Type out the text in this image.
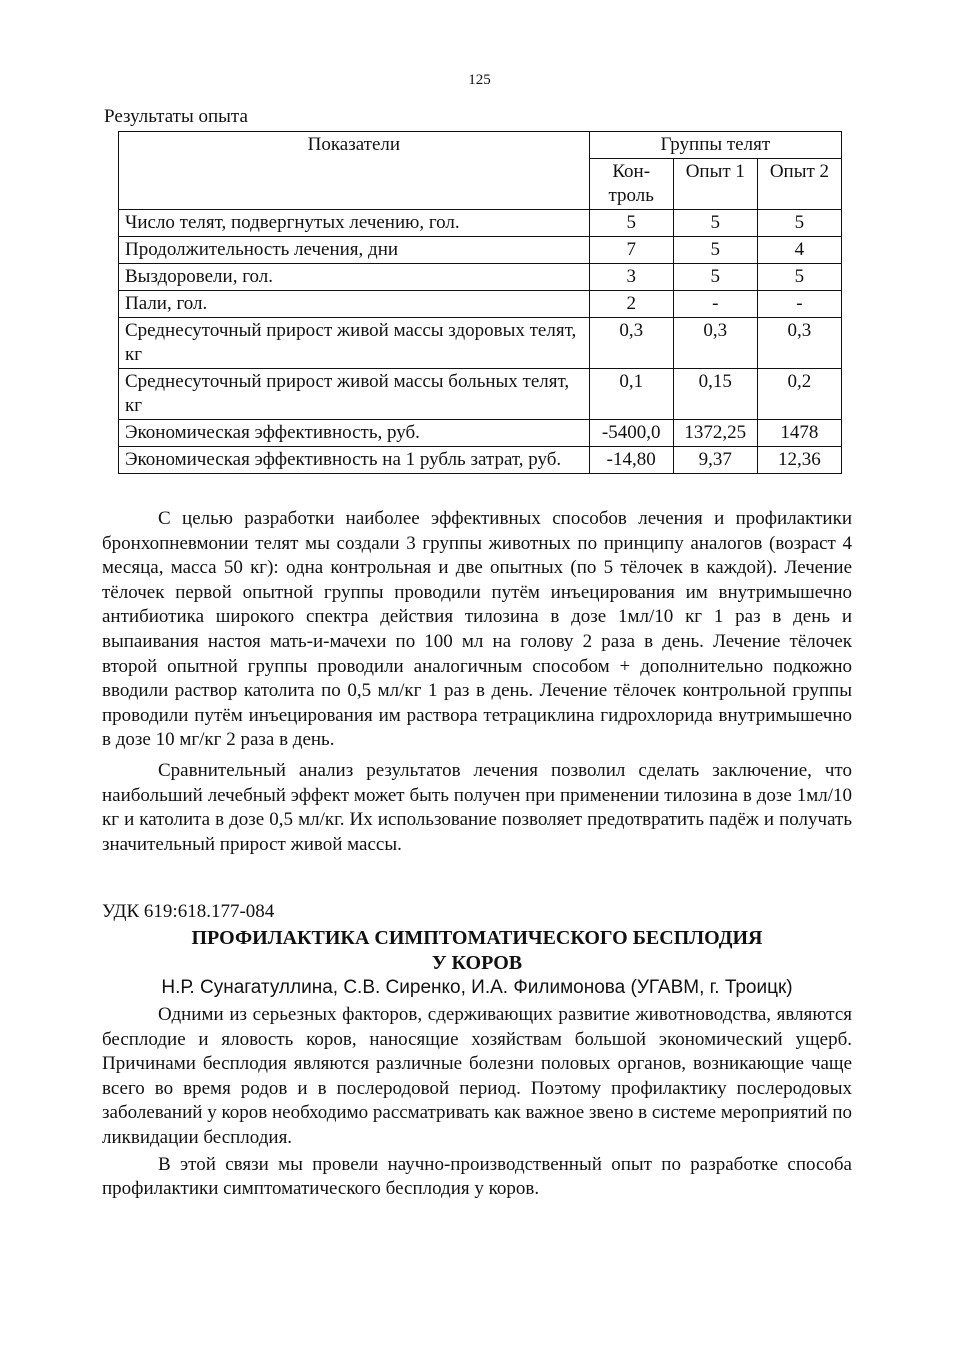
125
Результаты опыта
Показатели	Группы телят		
	Кон-троль	Опыт 1	Опыт 2
Число телят, подвергнутых лечению, гол.	5	5	5
Продолжительность лечения, дни	7	5	4
Выздоровели, гол.	3	5	5
Пали, гол.	2	-	-
Среднесуточный прирост живой массы здоровых телят, кг	0,3	0,3	0,3
Среднесуточный прирост живой массы больных телят, кг	0,1	0,15	0,2
Экономическая эффективность, руб.	-5400,0	1372,25	1478
Экономическая эффективность на 1 рубль затрат, руб.	-14,80	9,37	12,36

С целью разработки наиболее эффективных способов лечения и профилактики бронхопневмонии телят мы создали 3 группы животных по принципу аналогов (возраст 4 месяца, масса 50 кг): одна контрольная и две опытных (по 5 тёлочек в каждой). Лечение тёлочек первой опытной группы проводили путём инъецирования им внутримышечно антибиотика широкого спектра действия тилозина в дозе 1мл/10 кг 1 раз в день и выпаивания настоя мать-и-мачехи по 100 мл на голову 2 раза в день. Лечение тёлочек второй опытной группы проводили аналогичным способом + дополнительно подкожно вводили раствор католита по 0,5 мл/кг 1 раз в день. Лечение тёлочек контрольной группы проводили путём инъецирования им раствора тетрациклина гидрохлорида внутримышечно в дозе 10 мг/кг 2 раза в день.

Сравнительный анализ результатов лечения позволил сделать заключение, что наибольший лечебный эффект может быть получен при применении тилозина в дозе 1мл/10 кг и католита в дозе 0,5 мл/кг. Их использование позволяет предотвратить падёж и получать значительный прирост живой массы.

УДК 619:618.177-084
ПРОФИЛАКТИКА СИМПТОМАТИЧЕСКОГО БЕСПЛОДИЯ
У КОРОВ
Н.Р. Сунагатуллина, С.В. Сиренко, И.А. Филимонова (УГАВМ, г. Троицк)

Одними из серьезных факторов, сдерживающих развитие животноводства, являются бесплодие и яловость коров, наносящие хозяйствам большой экономический ущерб. Причинами бесплодия являются различные болезни половых органов, возникающие чаще всего во время родов и в послеродовой период. Поэтому профилактику послеродовых заболеваний у коров необходимо рассматривать как важное звено в системе мероприятий по ликвидации бесплодия.

В этой связи мы провели научно-производственный опыт по разработке способа профилактики симптоматического бесплодия у коров.
